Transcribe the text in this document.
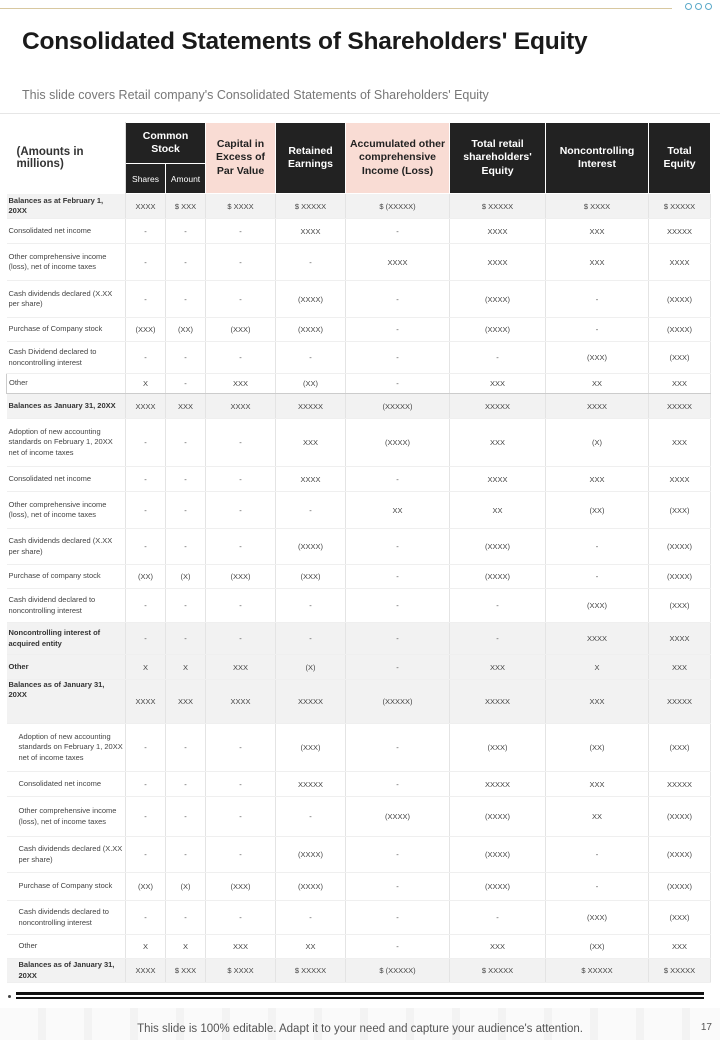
Consolidated Statements of Shareholders' Equity
This slide covers Retail company's Consolidated Statements of Shareholders' Equity
(Amounts in millions)	Common Stock		Capital in Excess of Par Value	Retained Earnings	Accumulated other comprehensive Income (Loss)	Total retail shareholders' Equity	Noncontrolling Interest	Total Equity
	Shares	Amount						
Balances as at February 1, 20XX	XXXX	$ XXX	$ XXXX	$ XXXXX	$ (XXXXX)	$ XXXXX	$ XXXX	$ XXXXX
Consolidated net income	-	-	-	XXXX	-	XXXX	XXX	XXXXX
Other comprehensive income (loss), net of income taxes	-	-	-	-	XXXX	XXXX	XXX	XXXX
Cash dividends declared (X.XX per share)	-	-	-	(XXXX)	-	(XXXX)	-	(XXXX)
Purchase of Company stock	(XXX)	(XX)	(XXX)	(XXXX)	-	(XXXX)	-	(XXXX)
Cash Dividend declared to noncontrolling interest	-	-	-	-	-	-	(XXX)	(XXX)
Other	X	-	XXX	(XX)	-	XXX	XX	XXX
Balances as January 31, 20XX	XXXX	XXX	XXXX	XXXXX	(XXXXX)	XXXXX	XXXX	XXXXX
Adoption of new accounting standards on February 1, 20XX net of income taxes	-	-	-	XXX	(XXXX)	XXX	(X)	XXX
Consolidated net income	-	-	-	XXXX	-	XXXX	XXX	XXXX
Other comprehensive income (loss), net of income taxes	-	-	-	-	XX	XX	(XX)	(XXX)
Cash dividends declared (X.XX per share)	-	-	-	(XXXX)	-	(XXXX)	-	(XXXX)
Purchase of company stock	(XX)	(X)	(XXX)	(XXX)	-	(XXXX)	-	(XXXX)
Cash dividend declared to noncontrolling interest	-	-	-	-	-	-	(XXX)	(XXX)
Noncontrolling interest of acquired entity	-	-	-	-	-	-	XXXX	XXXX
Other	X	X	XXX	(X)	-	XXX	X	XXX
Balances as of January 31, 20XX	XXXX	XXX	XXXX	XXXXX	(XXXXX)	XXXXX	XXX	XXXXX
Adoption of new accounting standards on February 1, 20XX net of income taxes	-	-	-	(XXX)	-	(XXX)	(XX)	(XXX)
Consolidated net income	-	-	-	XXXXX	-	XXXXX	XXX	XXXXX
Other comprehensive income (loss), net of income taxes	-	-	-	-	(XXXX)	(XXXX)	XX	(XXXX)
Cash dividends declared (X.XX per share)	-	-	-	(XXXX)	-	(XXXX)	-	(XXXX)
Purchase of Company stock	(XX)	(X)	(XXX)	(XXXX)	-	(XXXX)	-	(XXXX)
Cash dividends declared to noncontrolling interest	-	-	-	-	-	-	(XXX)	(XXX)
Other	X	X	XXX	XX	-	XXX	(XX)	XXX
Balances as of January 31, 20XX	XXXX	$ XXX	$ XXXX	$ XXXXX	$ (XXXXX)	$ XXXXX	$ XXXXX	$ XXXXX
This slide is 100% editable. Adapt it to your need and capture your audience's attention.	17
